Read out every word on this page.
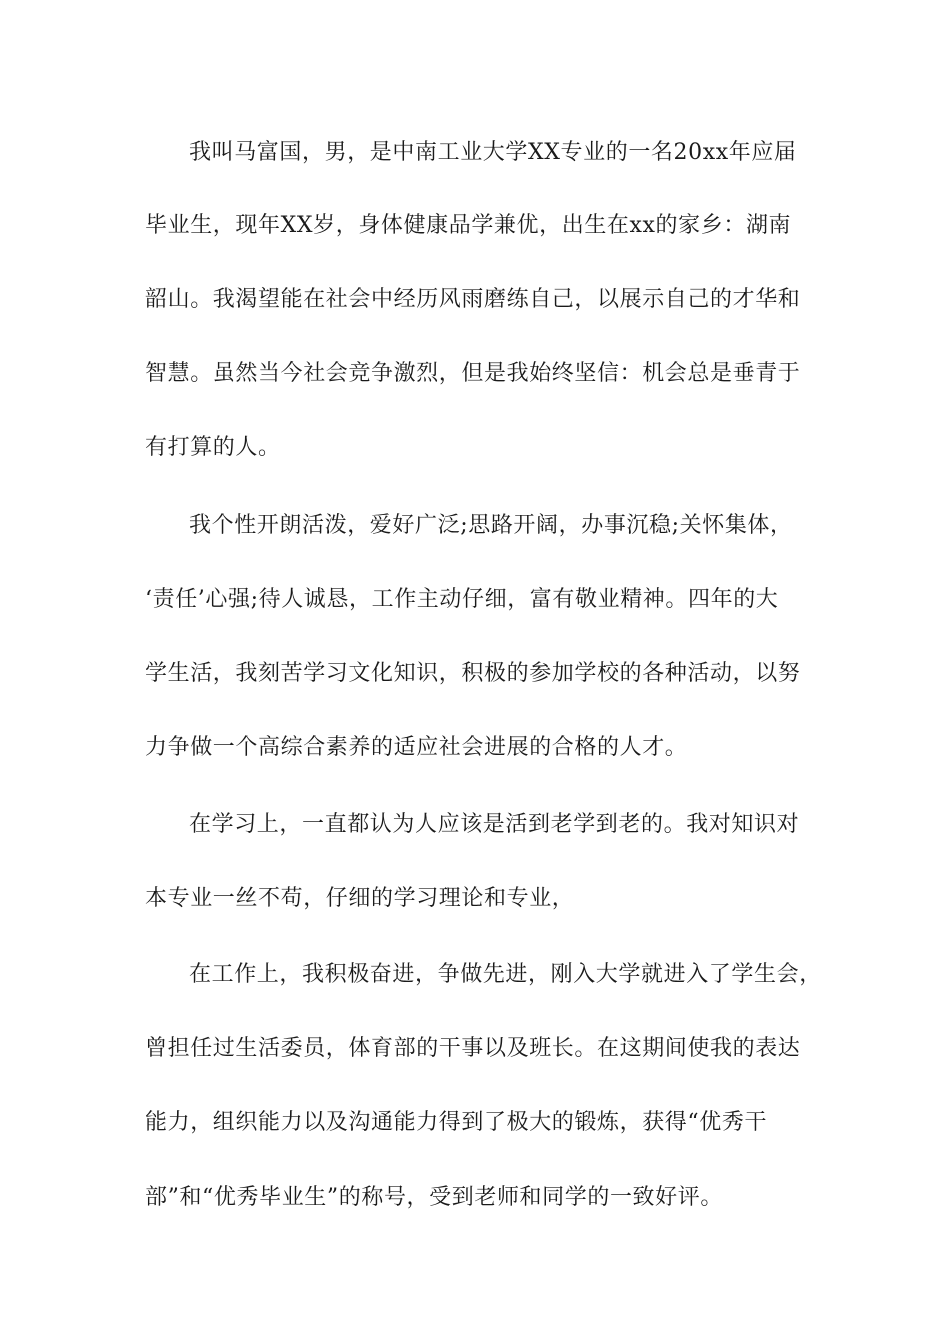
我叫马富国，男，是中南工业大学XX专业的一名20xx年应届
毕业生，现年XX岁，身体健康品学兼优，出生在xx的家乡：湖南
韶山。我渴望能在社会中经历风雨磨练自己，以展示自己的才华和
智慧。虽然当今社会竞争激烈，但是我始终坚信：机会总是垂青于
有打算的人。
我个性开朗活泼，爱好广泛;思路开阔，办事沉稳;关怀集体，
‘责任’心强;待人诚恳，工作主动仔细，富有敬业精神。四年的大
学生活，我刻苦学习文化知识，积极的参加学校的各种活动，以努
力争做一个高综合素养的适应社会进展的合格的人才。
在学习上，一直都认为人应该是活到老学到老的。我对知识对
本专业一丝不苟，仔细的学习理论和专业，
在工作上，我积极奋进，争做先进，刚入大学就进入了学生会，
曾担任过生活委员，体育部的干事以及班长。在这期间使我的表达
能力，组织能力以及沟通能力得到了极大的锻炼，获得“优秀干
部”和“优秀毕业生”的称号，受到老师和同学的一致好评。
